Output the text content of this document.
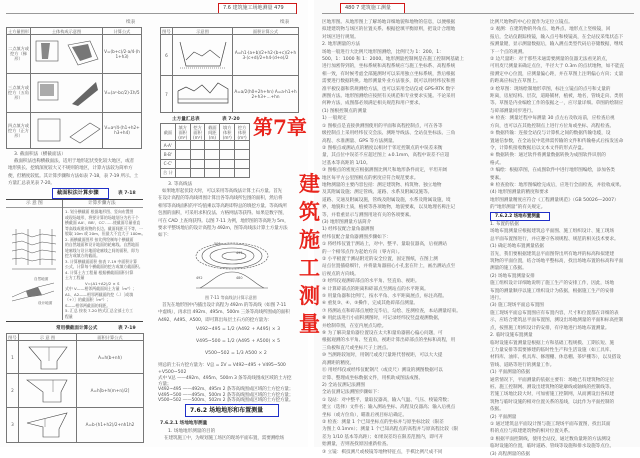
480 7 建筑施工测量
区地形图。从地形图上了解场地详细地貌和地物的信息，以便根据
拟建建筑物与场区的位置关系、根据挖填平衡原则，把设计合理地
对场区进行规划。
2. 地形测量的方法
场地一般进行大比例尺地形图测绘，比例尺为 1：200、1：
500、1：1000 和 1：2000。地形测量控制网是在施工控制网基础上
进行加密得到的，坐标系统和高程系统应与施工坐标系、高程系统
相一致，有时候考虑全部施测时可以采用独立坐标系统，然后根据
需要进行数据转换。地形测量外业方法很多，既可以用经纬仪和照
准平板仪器和常规测绘方法，也可以采用全站仪或 GPS-RTK 数字
测图方法。地形图测绘应按照有关规范和专业要求实施。不论采用
何种方法，成图都必须满足相关规范和用户要求。
(1) 图根控制点的测量
1) 一般规定
① 图根点是直接供测图使用的平面和高程控制点，可在各等
级控制点上采用经纬仪交会法、测距导线法、全站仪坐标法、三角
高程、水准测量、GPS 等方法测量。
② 图根点或测站点的精度以相对于邻近控制点的中误差来衡
量，其点位中误差不应超过图上 ±0.1mm，高程中误差不应超
过基本等高距的 1/10。
③ 图根点的密度应根据测图比例尺和地形条件而定，平坦开阔
地区每平方公里图根点的密度应符合规范要求。
地物测量的主要内容包括：测定建筑物、构筑物、独立地物
及其附属设施；测定管线、道路、水系及附属设施等。
道路、交通及附属设施，管线及附属设施，水系及附属设施，境
界，地貌和土质，植被等各项地物，地貌要素，以及地理名称注记
等，并着重显示与测图用途有关的各项要素。
(3) 地形图测量方法简介
1) 经纬仪配合量角器测图
经纬仪配合量角器测图步骤如下：
① 将经纬仪置于测站上，对中、整平、量取仪器高，后视测站
的一个相邻点作为起始方向（零方向）。
② 小平板置于测站附近的安全位置，固定图纸，在图上测
站点位置插稳细针，并将量角器圆心小孔套在针上，画出测站点至
后视点的方向线。
③ 经纬仪观测碎部点的水平角、竖直角、视距。
④ 计算碎部点的距离和碎部点至测站点的水平距离。
⑤ 用量角器和比例尺，按水平角、水平距离展点，标注高程。
⑥ 重复③、④、⑤操作，完成其他碎部点测量。
⑦ 将测站点和碎部点展绘完毕后，勾绘、连测检查，本站测量结束。
⑧ 用此法进行小面积测图时，可记录经纬仪竖盘观测数据，
并绘制草图，在室内展点勾绘。
⑨ 为了解决量角器位置设在太大和量角器圆心偏心问题，可
根据观测的水平角、竖直角，视距计算出碎部点的坐标和高程，用
三角板和直尺或坐标尺子上展点。
⑩ 当测距较短时，用钢尺或皮尺量距代替视距，可以大大提
高测距的精度。
⑪ 用经纬仪或经纬仪配钢尺（或皮尺）测设的测图数据可以
计算、整理成坐标数据文件，用机助成图法成图。
2) 全站仪测记法测图
全站仪测记法测图步骤如下：
① 设站：对中整平，量取仪器高，输入气温、气压、棱镜常数；
建立（选择）文件名；输入测站坐标、高程及仪器高；输入后视点
坐标（或方位角），瞄准后视目标后确定。
② 检查：测量 1 个已知坐标点的坐标并与原坐标比较（限差
为图上 0.1mm）；测量 1 个已知高程点的高程并与原高程比较（限
差为 1/10 基本等高距）；如果误差均在限差范围内，即可开
始测量，否则查找原因重新检查。
③ 立镜：棋技测尺或棱镜等地物特征点，手棋比例尺成不同
比例尺地物的中心位置作为定位立镜点。
① 观测：在建筑物的外角点、地界点、地形点上竖棱镜，回
报后，全站仪跟踪棱镜，输入点号和棱镜高，在全站仪采集状态下
按测量键，显示测量数据后，输入测点类型代码后存储数据，继续
下一个点的观测。
② 边尺量距：对于那些未通需要测量的仪器无法看见的点，
可用皮尺测量来确定点位，半径大于 0.3m 的点状地物，如不能直
接测定中心位置，应测量偏心距，并在草图上注明偏心方向；丈量
的距离应标注在草图上。
③ 绘草图：现场绘制地形草图，标注立镜点的点号和丈量的
距离，房屋结构、层次，道路铺材，植被，地名，管线走向、类别
等。草图是内业编绘工作的依据之一，应尽量详细。草图的绘制应
与碎部测量同步进行。
④ 检查：测量过程中每测量 30 点左右及收站前，应检查后视
方向，也可以在其他控制点上进行方位角或坐标、高程检查。
⑤ 数据传输：连接全站仪与计算机之间的数据传输电缆，设
置通信参数，在全站仪中选择需传输的文件和传输格式后按发送命
令，计算机接收数据后以文本文件的形式存盘。
⑥ 数据转换：通过软件将测量数据转换为成图软件识别的
格式。
⑦ 编绘：根据草图，在成图软件中进行地形图编绘，添加各类
要素。
⑧ 检查验收：地形图编绘完成后，应进行全面检查，并验收成果。
(4) 地形图测量的精度和要求
地形图测量精度应符合《工程测量规范》（GB 50026—2007）
的“地形测量”的有关规定。
7.6.2.2 场地布置测量
1. 布置的依据
场地布置测量应根据建筑总平面图、施工组织设计、施工现场
总平面布置图进行，并应遵守各项规程、规范的相关技术要求。
(1) 确定场地布置测量依据
首先，我们要根据建筑总平面图得出所有地坪的标高和拟建建
筑物的平面位置，结合场地平整标高，找出场地布置的标高和平面
测量的施工依据。
(2) 场地布置测量安排
施工组织设计详细地说明了施工生产的安排工作，因此，场地
布置的测量顺序以施工组织设计为依据，根据施工生产的安排
进行。
(3) 施工现场平面总布置图
施工现场平面总布置图应有布置内容，尺寸和位置都在详细的表
示，应结合建筑总平面布置图，测设出场地测量的平面和标高控制
点，按照施工组织设计的安排，有序地进行场地布置测量。
2. 临时设施布置测量
临时设施布置测量是根据上方和基础工程规模、工期长短、施
工力量安排等需要修建的临时性生产和生活设施（如工具库、
材料库、油库、机具库、修理棚、休息棚、茶炉棚等），以及搭设
管线、道路等进行的测量工作。
(1) 平面测量的依据
通常情况下，平面测量的依据主要有：场地已有建筑物的定位
桩、施工控制网、测设出建筑物的轮廓线或轴线的控制线等。
若施工场地比较大时，可加密施工控制网，从而测设出各拟建
筑物与临时设施的相对位置关系的基线，以此作为平面控制的
依据。
(2) 平面测量
① 通过建筑总平面设计图与施工现场平面布置图，找出其面
料的点位与拟建建筑物的相对位置关系。
② 根据平面控制线，使用全站仪，通过数角量距的方法测设
临时设施的位置，临时道路、管线等设施和排水设施等点位。
(3) 高程测量的依据
7.6 建筑施工场地测量 479
续表
土方量图形	土体构成示意图	计算公式
二点填方或挖方（梯形）		V=(b+c)/2·a/4·(h1+h3)
三点填方或挖方（五角形）		V=(a²-bc/2)·Σh/5
四点填方或挖方（正方形）		V=a²/4·(h1+h2+h3+h4)
续表
图号	示意图	面积计算公式
6		A=h1·(a+b)/2+h2·(b+c)/2+h3·(c+d)/2+h4·(d+e)/2
7		A=a/2(h0+2h+hn) A=a·h1+h2+h3+…+hn
土方量汇总表	表 7-20
截面	填方面积(m²)	挖方面积(m²)	截面间距(m)	填方体积(m³)	挖方体积(m³)
A-A'					
B-B'					
C-C'					
合 计					
3. 截面积法（横截面法）
截面积法也称横截面法，适用于地形起伏变化较大地区，或者
地形狭长、挖填深度较大又不规则的地区，计算方法较为简单方
便，但精度较低。其计算步骤和方法如表 7-18，表 7-19 所示。土
方量汇总表见表 7-20。
截面积法计算步骤	表 7-18
示 意 图	计算步骤方法
自然地面
设计地面
1. 划分横截面 根据地形图、竖向布置图
或现场地形，将要计算的场地划分为若干个
横截面 AA'、BB'、CC'……使截面尽量垂直
等高线或建筑物的长边。截面间距可不等，一
般取 10m 或 20m，但最大不宜大于 100m。
2. 画横截面图形 按比例绘制每个横截面
的自然地面和设计地面的轮廓线。自然地面
轮廓线与设计地面轮廓线之间的面积，即为
挖方或填方的截面。
3. 计算横截面面积 按表 7-19 中面积计算
公式，计算每个横截面的挖方或填方截面积。
4. 计算土方工程量 根据横截面面积计算
土方工程量
V=(A1+A2)/2 × S
式中 V——相邻两截面间土方量（m³）；
A1、A2——相邻两截面的挖（-）［或填
（+）］的截面积（m²）；
S——相邻两截面的间距。
5. 汇总 按表 7-20 格式汇总全部土方工
程量
常用横截面计算公式	表 7-19
图号	示 意 图	面积计算公式
1		A=h(b+nh)
2		A=h[b+h(m+n)/2]
3		A=b·(h1+h2)/2+nh1h2
3. 等高线法
如果地形起伏较大时，可以采用等高线法计算土石方量。首先
在设计高程的等高线周围计算出各等高线所包围的面积，然后将
相邻等高线面积的平均值乘以等高距即得总的填挖方量。等高线所
包围的面积，可采用求积仪法、方格网法等获得。如果是数字图，
可在 CAD 上查询获得。以图 7-11 为例，地形图的等高距为 5m，
要求平整场地后的设计高程为 492m，图等高线法计算土方量方法
如下：
500
495
492	480
图 7-11 等高线法计算示意图
首先在地形图中内插出设计高程为 492m 的等高线（如图 7-11
中虚线），再求出 492m、495m、500m 三条等高线所围成的面积
A492、A495、A500，即可算出每层土石方的挖方量为：
V492~495 = 1/2 (A492 + A495) × 3
V495~500 = 1/2 (A495 + A500) × 5
V500~502 = 1/3 A500 × 2
则总的土石方挖方量为：V总 = ΣV = V492~495 + V495~500
+V500~502
式中 V总 ——492m、495m、500m 3 条等高线围成区域的土方挖
方量；
V492~495 ——492m、495m 2 条等高线围成区域的土方挖方量；
V495~500 ——495m、500m 2 条等高线围成区域的土方挖方量；
V500~502 ——500m、502m 2 条等高线围成区域的土方挖方量。
7.6.2 场地地形和布置测量
7.6.2.1 场地地形测量
1. 场地地形测量的目的
在建筑施工中，为规划施工场区的现场平面布置，需要测绘场
第7章
建
筑
施
工
测
量
